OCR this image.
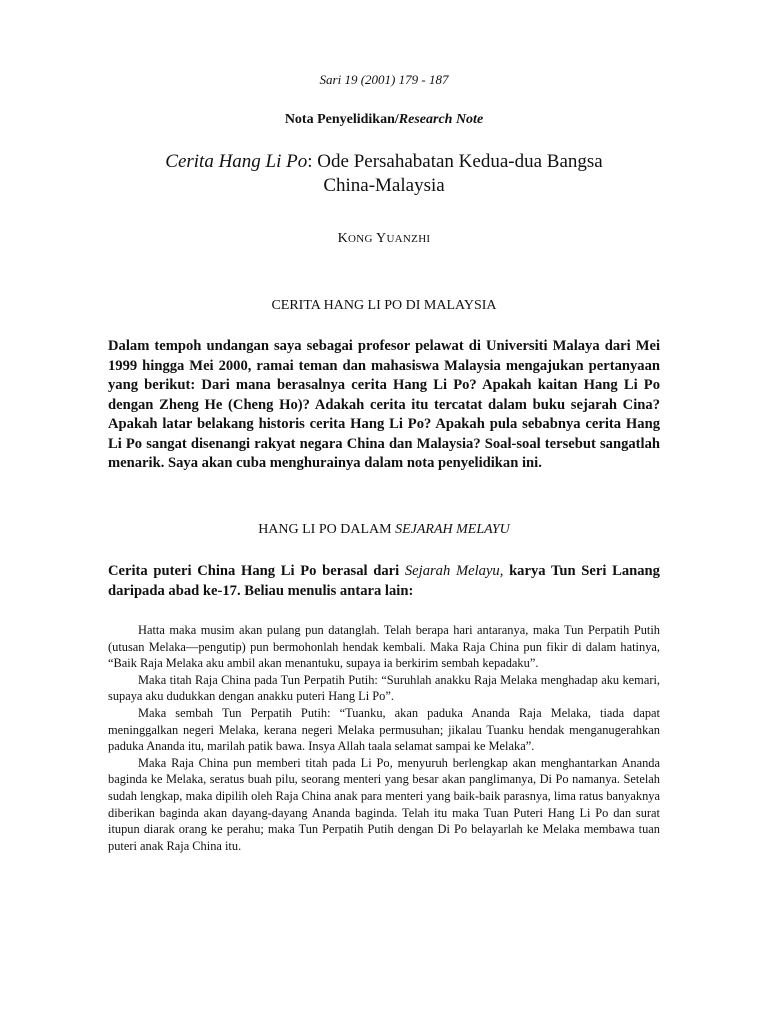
Sari 19 (2001) 179 - 187
Nota Penyelidikan/Research Note
Cerita Hang Li Po: Ode Persahabatan Kedua-dua Bangsa
China-Malaysia
KONG YUANZHI
CERITA HANG LI PO DI MALAYSIA

Dalam tempoh undangan saya sebagai profesor pelawat di Universiti Malaya dari Mei 1999 hingga Mei 2000, ramai teman dan mahasiswa Malaysia mengajukan pertanyaan yang berikut: Dari mana berasalnya cerita Hang Li Po? Apakah kaitan Hang Li Po dengan Zheng He (Cheng Ho)? Adakah cerita itu tercatat dalam buku sejarah Cina? Apakah latar belakang historis cerita Hang Li Po? Apakah pula sebabnya cerita Hang Li Po sangat disenangi rakyat negara China dan Malaysia? Soal-soal tersebut sangatlah menarik. Saya akan cuba menghurainya dalam nota penyelidikan ini.

HANG LI PO DALAM SEJARAH MELAYU

Cerita puteri China Hang Li Po berasal dari Sejarah Melayu, karya Tun Seri Lanang daripada abad ke-17. Beliau menulis antara lain:

Hatta maka musim akan pulang pun datanglah. Telah berapa hari antaranya, maka Tun Perpatih Putih (utusan Melaka—pengutip) pun bermohonlah hendak kembali. Maka Raja China pun fikir di dalam hatinya, “Baik Raja Melaka aku ambil akan menantuku, supaya ia berkirim sembah kepadaku”.

Maka titah Raja China pada Tun Perpatih Putih: “Suruhlah anakku Raja Melaka menghadap aku kemari, supaya aku dudukkan dengan anakku puteri Hang Li Po”.

Maka sembah Tun Perpatih Putih: “Tuanku, akan paduka Ananda Raja Melaka, tiada dapat meninggalkan negeri Melaka, kerana negeri Melaka permusuhan; jikalau Tuanku hendak menganugerahkan paduka Ananda itu, marilah patik bawa. Insya Allah taala selamat sampai ke Melaka”.

Maka Raja China pun memberi titah pada Li Po, menyuruh berlengkap akan menghantarkan Ananda baginda ke Melaka, seratus buah pilu, seorang menteri yang besar akan panglimanya, Di Po namanya. Setelah sudah lengkap, maka dipilih oleh Raja China anak para menteri yang baik-baik parasnya, lima ratus banyaknya diberikan baginda akan dayang-dayang Ananda baginda. Telah itu maka Tuan Puteri Hang Li Po dan surat itupun diarak orang ke perahu; maka Tun Perpatih Putih dengan Di Po belayarlah ke Melaka membawa tuan puteri anak Raja China itu.
